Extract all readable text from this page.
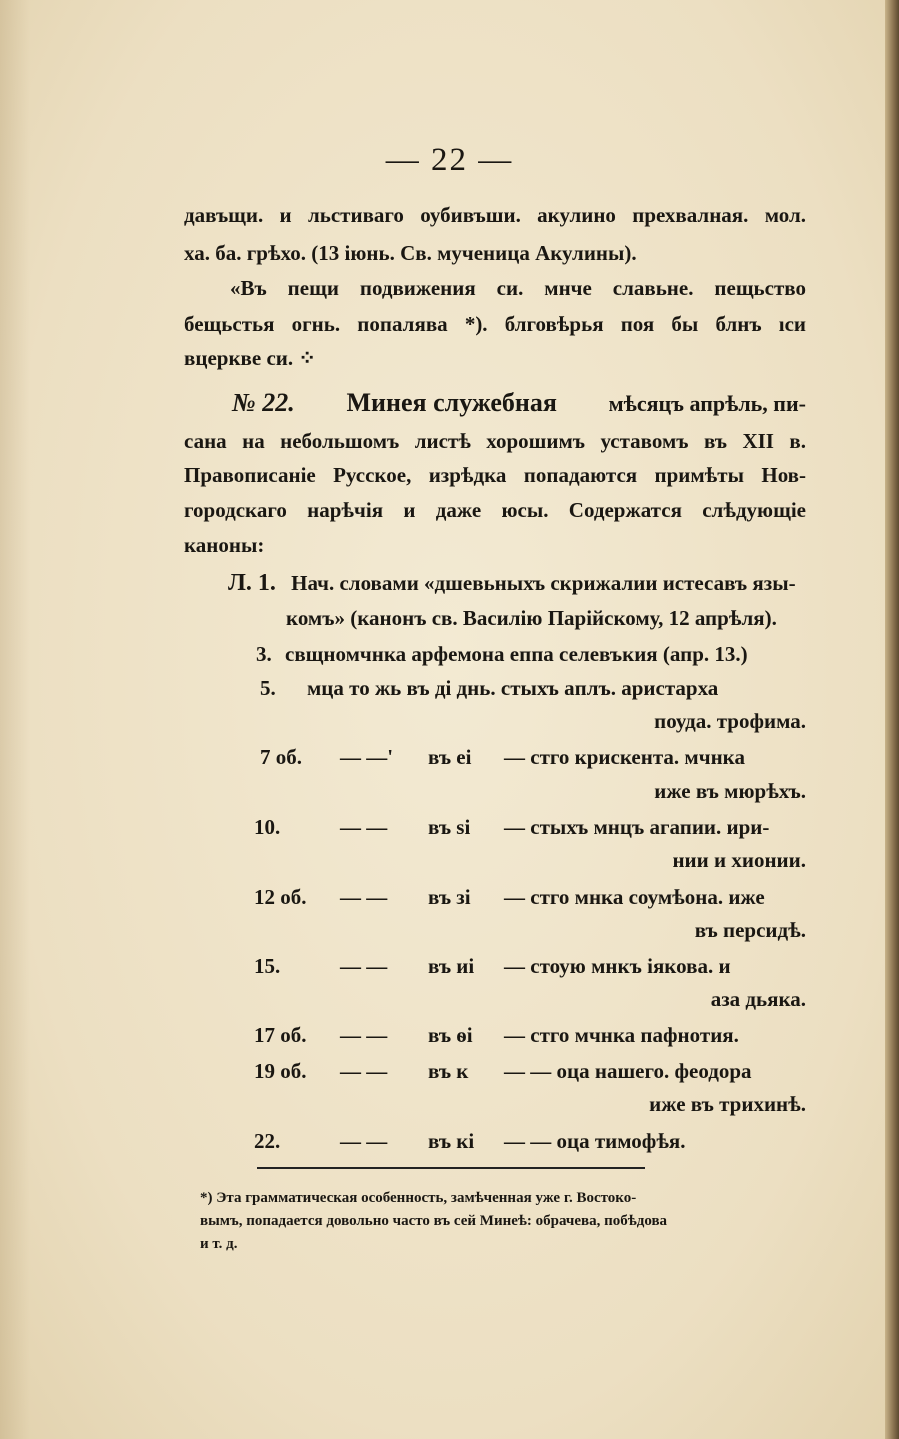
— 22 —
давъщи. и льстиваго оубивъши. акулино прехвалная. мол.
ха. ба. грѣхо. (13 іюнь. Св. мученица Акулины).
«Въ пещи подвижения си. мнче славьне. пещьство
бещьстья огнь. попалява *). блговѣрья поя бы блнъ ıси
вцеркве си. ⁘
№ 22. Минея служебная мѣсяцъ апрѣль, пи-
сана на небольшомъ листѣ хорошимъ уставомъ въ XII в.
Правописаніе Русское, изрѣдка попадаются примѣты Нов-
городскаго нарѣчія и даже юсы. Содержатся слѣдующіе
каноны:
Л. 1. Нач. словами «дшевьныхъ скрижалии истесавъ язы-
комъ» (канонъ св. Василію Парійскому, 12 апрѣля).
3. свщномчнка арфемона еппа селевъкия (апр. 13.)
5. мца то жь въ ді днь. стыхъ aплъ. аристарха
поуда. трофима.
7 об. — —' въ ei — стго крискента. мчнка
иже въ мюрѣхъ.
10.	— — въ ѕi — стыхъ мнцъ агапии. ири-
нии и хионии.
12 об. — — въ зі — стго мнка соумѣона. иже
въ персидѣ.
15.	— — въ иі — стоую мнкъ іякова. и
аза дьяка.
17 об. — — въ ѳі — стго мчнка пафнотия.
19 об. — — въ к — — оца нашего. феодора
иже въ трихинѣ.
22.	— — въ кі — — оца тимофѣя.
*) Эта грамматическая особенность, замѣченная уже г. Востоко-
вымъ, попадается довольно часто въ сей Минеѣ: обрачева, побѣдова
и т. д.
